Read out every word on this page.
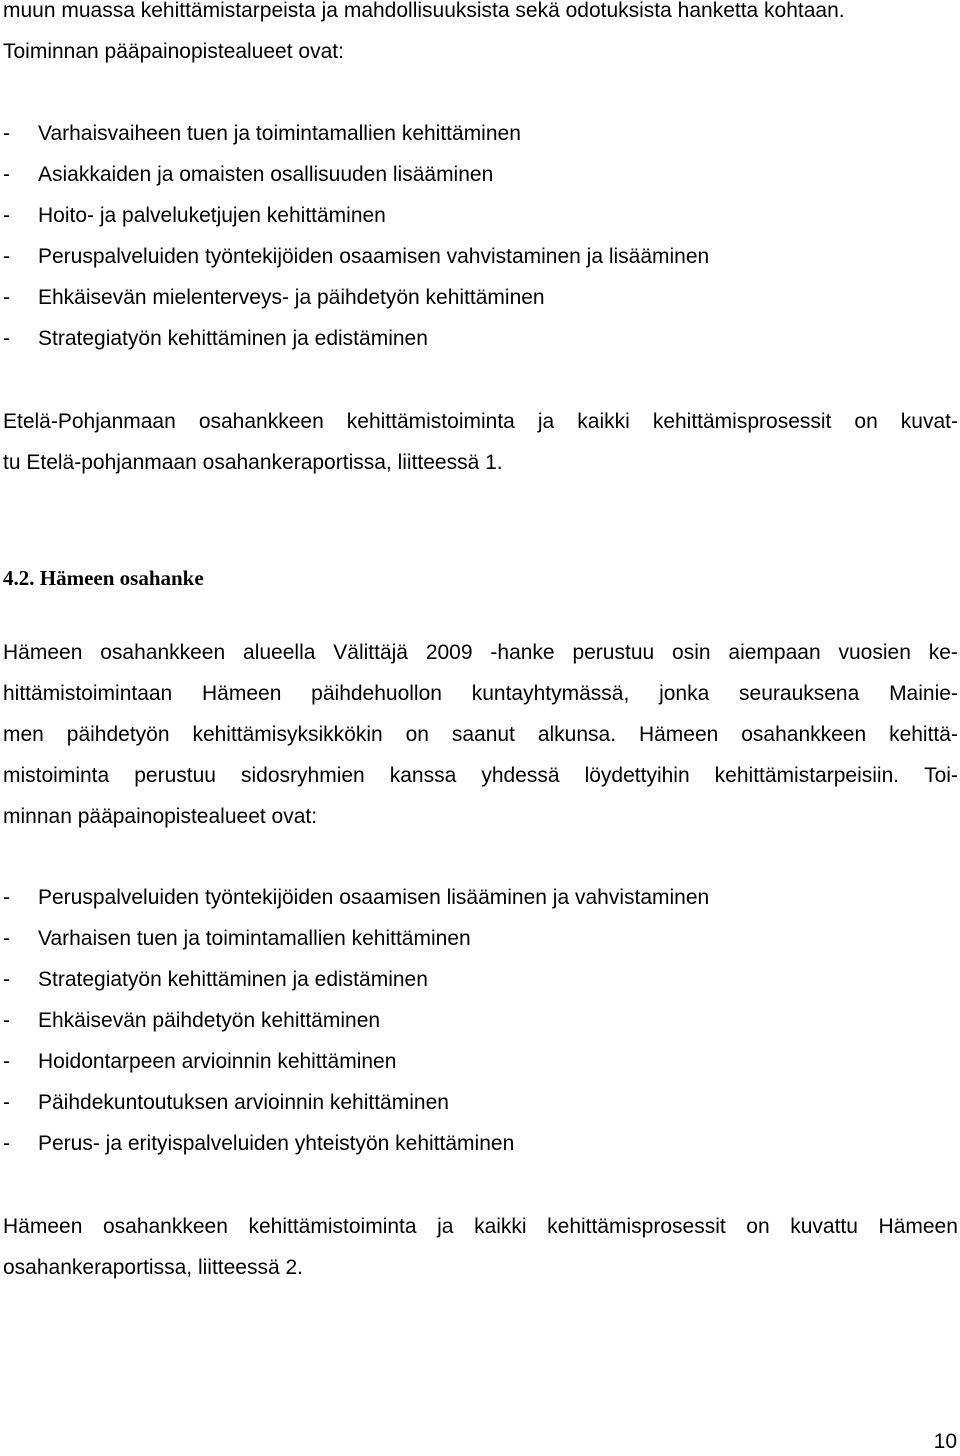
muun muassa kehittämistarpeista ja mahdollisuuksista sekä odotuksista hanketta kohtaan.
Toiminnan pääpainopistealueet ovat:
- Varhaisvaiheen tuen ja toimintamallien kehittäminen
- Asiakkaiden ja omaisten osallisuuden lisääminen
- Hoito- ja palveluketjujen kehittäminen
- Peruspalveluiden työntekijöiden osaamisen vahvistaminen ja lisääminen
- Ehkäisevän mielenterveys- ja päihdetyön kehittäminen
- Strategiatyön kehittäminen ja edistäminen
Etelä-Pohjanmaan osahankkeen kehittämistoiminta ja kaikki kehittämisprosessit on kuvat-
tu Etelä-pohjanmaan osahankeraportissa, liitteessä 1.
4.2. Hämeen osahanke
Hämeen osahankkeen alueella Välittäjä 2009 -hanke perustuu osin aiempaan vuosien ke-
hittämistoimintaan Hämeen päihdehuollon kuntayhtymässä, jonka seurauksena Mainie-
men päihdetyön kehittämisyksikkökin on saanut alkunsa. Hämeen osahankkeen kehittä-
mistoiminta perustuu sidosryhmien kanssa yhdessä löydettyihin kehittämistarpeisiin. Toi-
minnan pääpainopistealueet ovat:
- Peruspalveluiden työntekijöiden osaamisen lisääminen ja vahvistaminen
- Varhaisen tuen ja toimintamallien kehittäminen
- Strategiatyön kehittäminen ja edistäminen
- Ehkäisevän päihdetyön kehittäminen
- Hoidontarpeen arvioinnin kehittäminen
- Päihdekuntoutuksen arvioinnin kehittäminen
- Perus- ja erityispalveluiden yhteistyön kehittäminen
Hämeen osahankkeen kehittämistoiminta ja kaikki kehittämisprosessit on kuvattu Hämeen
osahankeraportissa, liitteessä 2.
10
